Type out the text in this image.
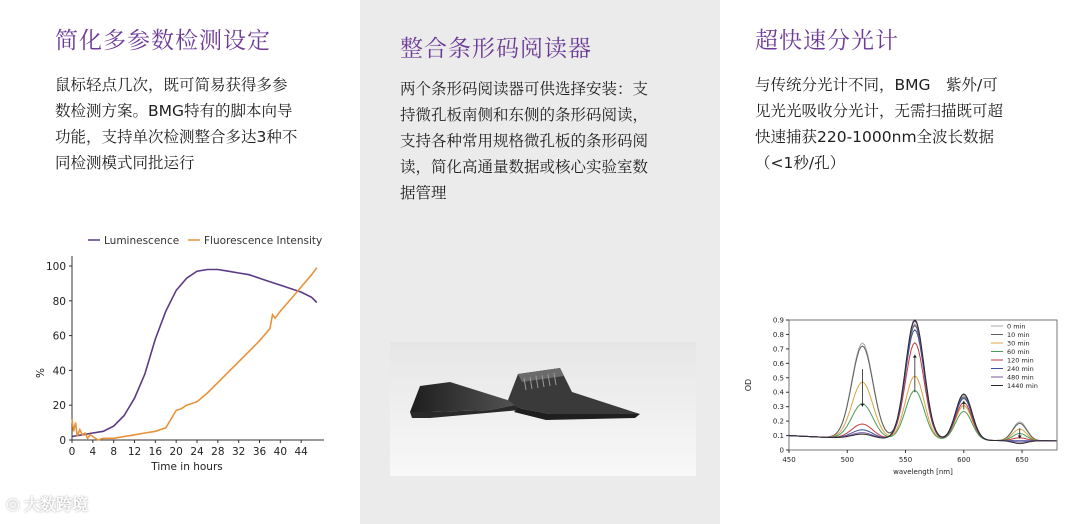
简化多参数检测设定
鼠标轻点几次，既可简易获得多参
数检测方案。BMG特有的脚本向导
功能，支持单次检测整合多达3种不
同检测模式同批运行
Luminescence Fluorescence Intensity
0
20
40
60
80
100
0 4 8 12 16 20 24 28 32 36 40 44
Time in hours
%
整合条形码阅读器
两个条形码阅读器可供选择安装：支
持微孔板南侧和东侧的条形码阅读，
支持各种常用规格微孔板的条形码阅
读，简化高通量数据或核心实验室数
据管理
超快速分光计
与传统分光计不同，BMG　紫外/可
见光光吸收分光计，无需扫描既可超
快速捕获220-1000nm全波长数据
（<1秒/孔）
0
0.1
0.2
0.3
0.4
0.5
0.6
0.7
0.8
0.9
450	500	550	600	650
wavelength [nm]
OD
0 min
10 min
30 min
60 min
120 min
240 min
480 min
1440 min
◎ 大数跨境
